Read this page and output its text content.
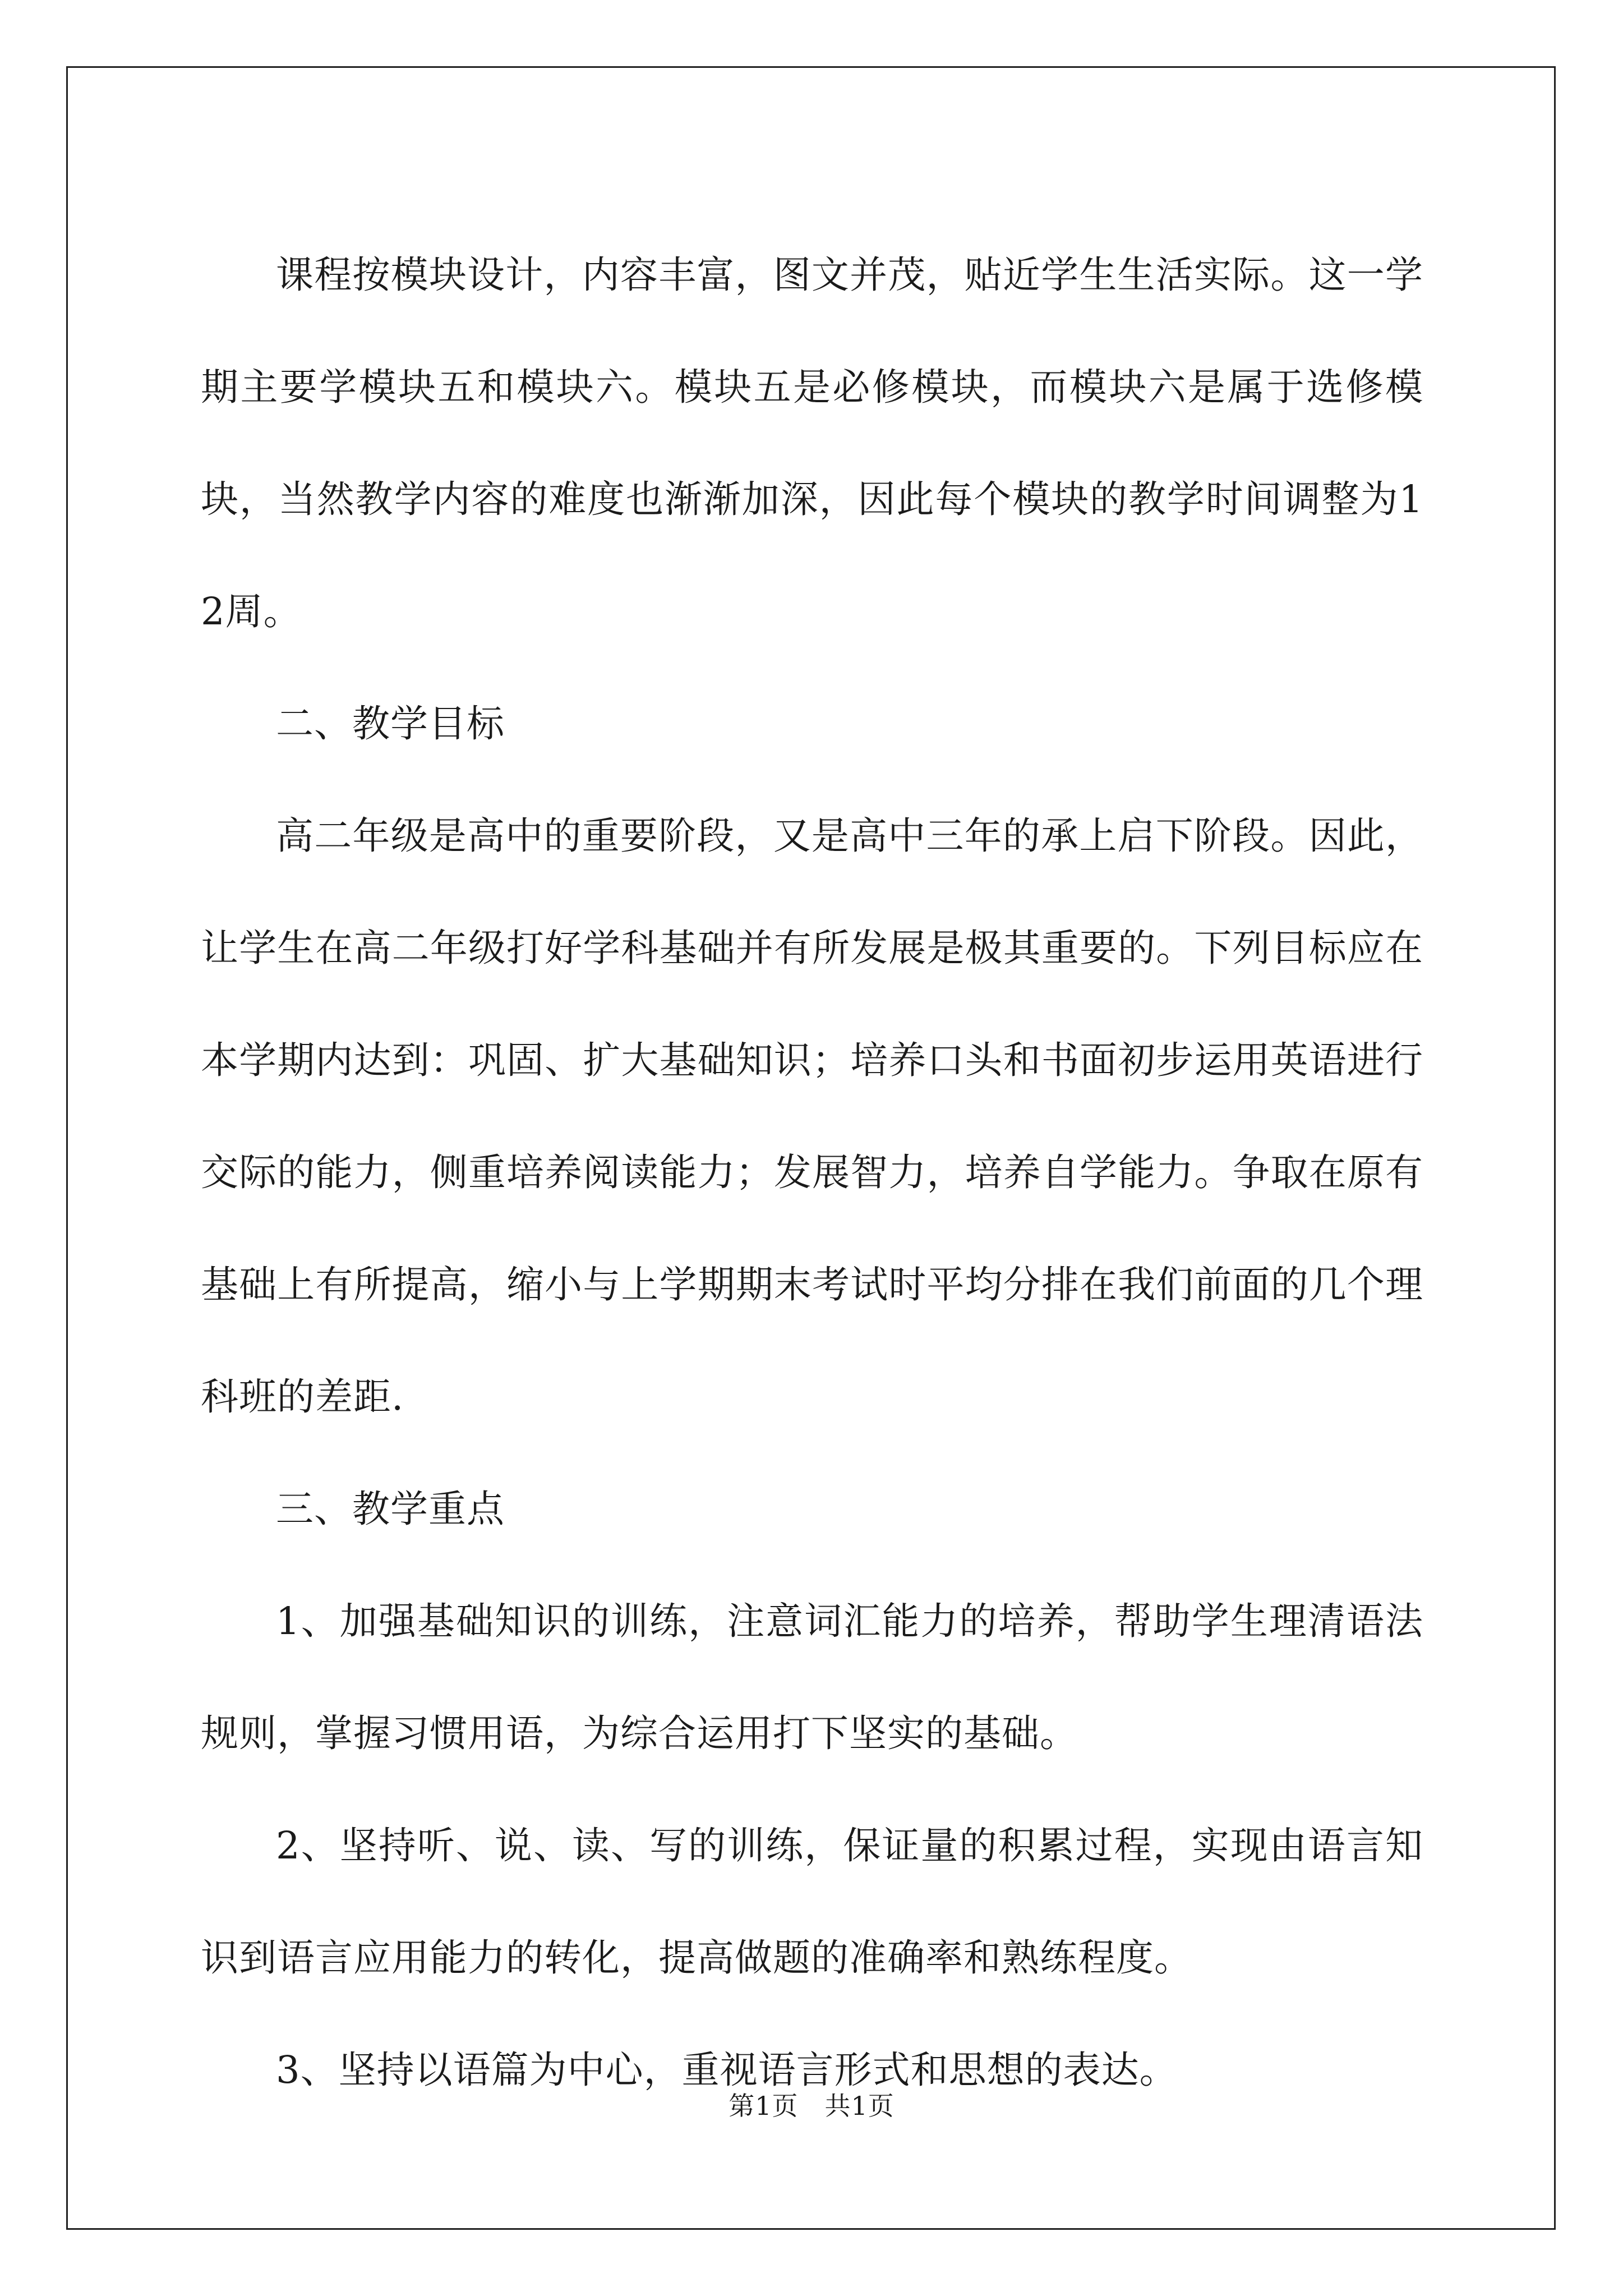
课程按模块设计，内容丰富，图文并茂，贴近学生生活实际。这一学期主要学模块五和模块六。模块五是必修模块，而模块六是属于选修模块，当然教学内容的难度也渐渐加深，因此每个模块的教学时间调整为12周。

二、教学目标

高二年级是高中的重要阶段，又是高中三年的承上启下阶段。因此，让学生在高二年级打好学科基础并有所发展是极其重要的。下列目标应在本学期内达到：巩固、扩大基础知识；培养口头和书面初步运用英语进行交际的能力，侧重培养阅读能力；发展智力，培养自学能力。争取在原有基础上有所提高，缩小与上学期期末考试时平均分排在我们前面的几个理科班的差距.

三、教学重点

1、加强基础知识的训练，注意词汇能力的培养，帮助学生理清语法规则，掌握习惯用语，为综合运用打下坚实的基础。

2、坚持听、说、读、写的训练，保证量的积累过程，实现由语言知识到语言应用能力的转化，提高做题的准确率和熟练程度。

3、坚持以语篇为中心，重视语言形式和思想的表达。

第1页　共1页
